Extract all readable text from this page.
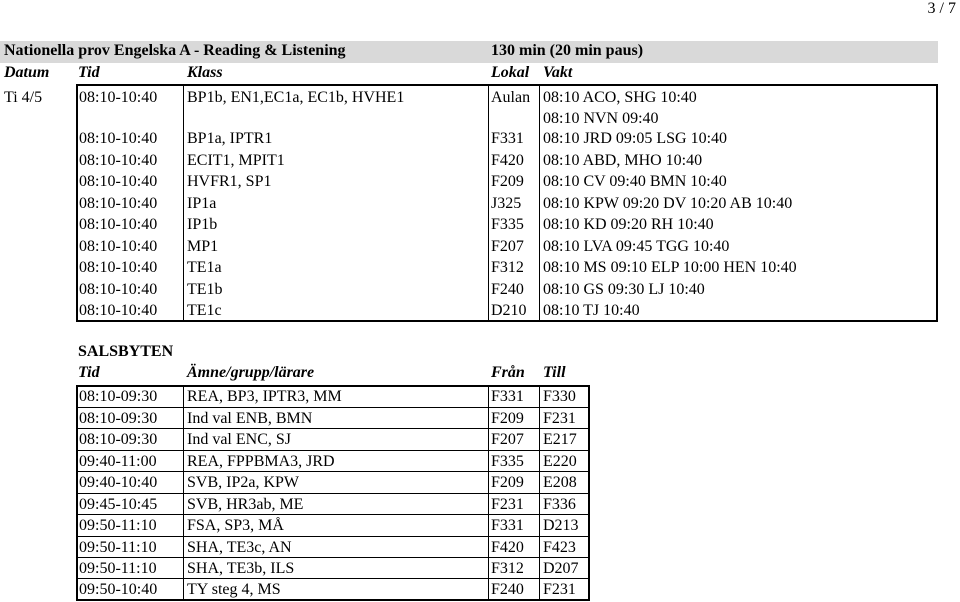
3 / 7
Nationella prov Engelska A - Reading & Listening	130 min (20 min paus)
Datum Tid	Klass	Lokal Vakt
Ti 4/5 08:10-10:40 BP1b, EN1,EC1a, EC1b, HVHE1	Aulan 08:10 ACO, SHG 10:40
08:10 NVN 09:40
08:10-10:40 BP1a, IPTR1	F331 08:10 JRD 09:05 LSG 10:40
08:10-10:40 ECIT1, MPIT1	F420 08:10 ABD, MHO 10:40
08:10-10:40 HVFR1, SP1	F209 08:10 CV 09:40 BMN 10:40
08:10-10:40 IP1a	J325 08:10 KPW 09:20 DV 10:20 AB 10:40
08:10-10:40 IP1b	F335 08:10 KD 09:20 RH 10:40
08:10-10:40 MP1	F207 08:10 LVA 09:45 TGG 10:40
08:10-10:40 TE1a	F312 08:10 MS 09:10 ELP 10:00 HEN 10:40
08:10-10:40 TE1b	F240 08:10 GS 09:30 LJ 10:40
08:10-10:40 TE1c	D210 08:10 TJ 10:40
SALSBYTEN
Tid	Ämne/grupp/lärare	Från Till
08:10-09:30 REA, BP3, IPTR3, MM	F331 F330
08:10-09:30 Ind val ENB, BMN	F209 F231
08:10-09:30 Ind val ENC, SJ	F207 E217
09:40-11:00 REA, FPPBMA3, JRD	F335 E220
09:40-10:40 SVB, IP2a, KPW	F209 E208
09:45-10:45 SVB, HR3ab, ME	F231 F336
09:50-11:10 FSA, SP3, MÅ	F331 D213
09:50-11:10 SHA, TE3c, AN	F420 F423
09:50-11:10 SHA, TE3b, ILS	F312 D207
09:50-10:40 TY steg 4, MS	F240 F231
